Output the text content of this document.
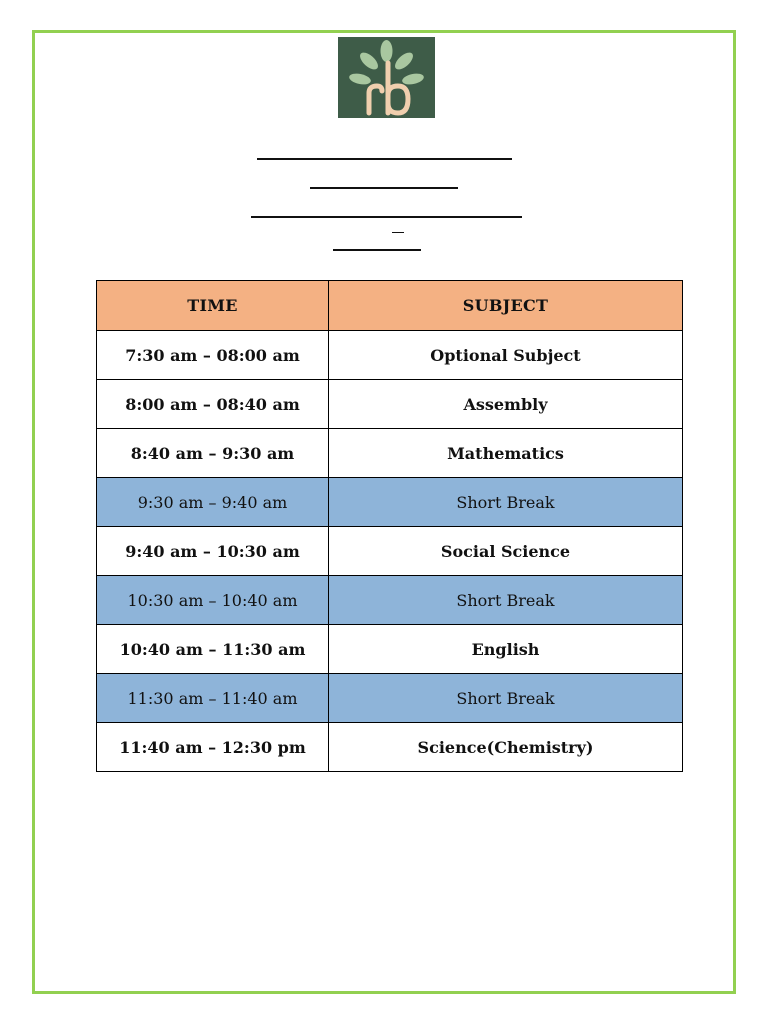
TIME	SUBJECT
7:30 am – 08:00 am	Optional Subject
8:00 am – 08:40 am	Assembly
8:40 am – 9:30 am	Mathematics
9:30 am – 9:40 am	Short Break
9:40 am – 10:30 am	Social Science
10:30 am – 10:40 am	Short Break
10:40 am – 11:30 am	English
11:30 am – 11:40 am	Short Break
11:40 am – 12:30 pm	Science(Chemistry)
